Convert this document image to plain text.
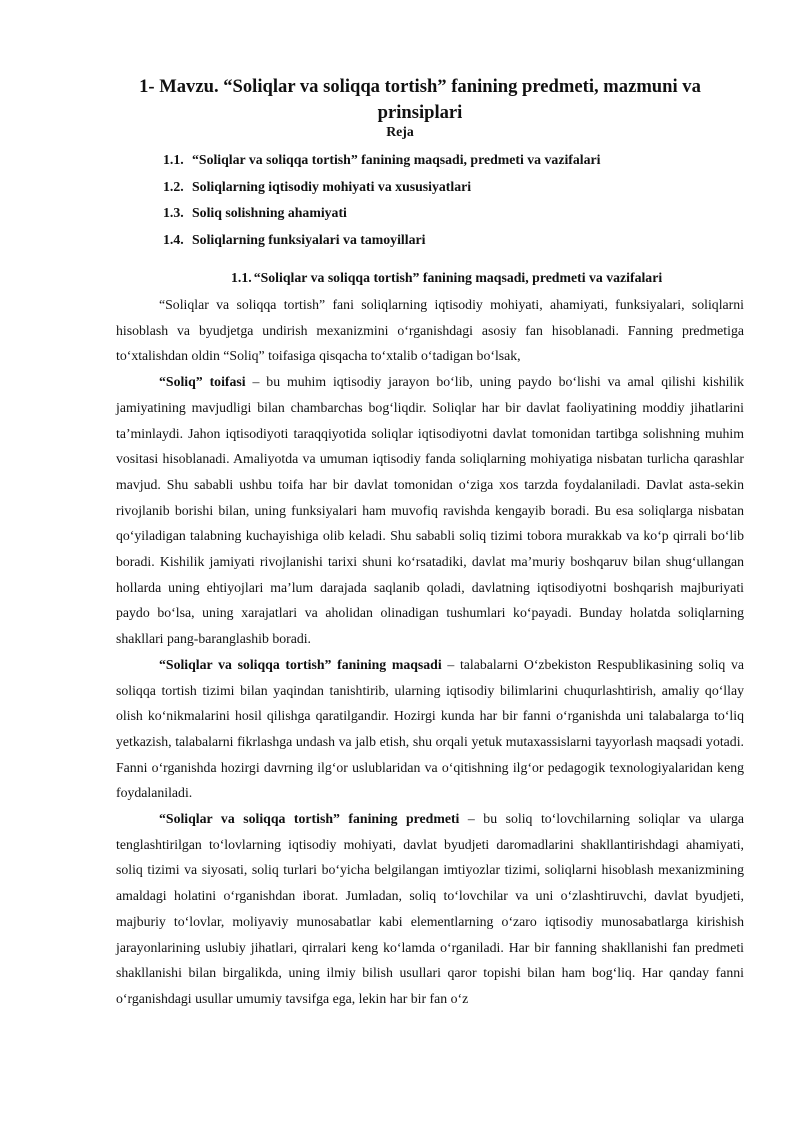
1- Mavzu. “Soliqlar va soliqqa tortish” fanining predmeti, mazmuni va prinsiplari
Reja
1.1. “Soliqlar va soliqqa tortish” fanining maqsadi, predmeti va vazifalari
1.2. Soliqlarning iqtisodiy mohiyati va xususiyatlari
1.3. Soliq solishning ahamiyati
1.4. Soliqlarning funksiyalari va tamoyillari
1.1. “Soliqlar va soliqqa tortish” fanining maqsadi, predmeti va vazifalari

“Soliqlar va soliqqa tortish” fani soliqlarning iqtisodiy mohiyati, ahamiyati, funksiyalari, soliqlarni hisoblash va byudjetga undirish mexanizmini o‘rganishdagi asosiy fan hisoblanadi. Fanning predmetiga to‘xtalishdan oldin “Soliq” toifasiga qisqacha to‘xtalib o‘tadigan bo‘lsak,

“Soliq” toifasi – bu muhim iqtisodiy jarayon bo‘lib, uning paydo bo‘lishi va amal qilishi kishilik jamiyatining mavjudligi bilan chambarchas bog‘liqdir. Soliqlar har bir davlat faoliyatining moddiy jihatlarini ta’minlaydi. Jahon iqtisodiyoti taraqqiyotida soliqlar iqtisodiyotni davlat tomonidan tartibga solishning muhim vositasi hisoblanadi. Amaliyotda va umuman iqtisodiy fanda soliqlarning mohiyatiga nisbatan turlicha qarashlar mavjud. Shu sababli ushbu toifa har bir davlat tomonidan o‘ziga xos tarzda foydalaniladi. Davlat asta-sekin rivojlanib borishi bilan, uning funksiyalari ham muvofiq ravishda kengayib boradi. Bu esa soliqlarga nisbatan qo‘yiladigan talabning kuchayishiga olib keladi. Shu sababli soliq tizimi tobora murakkab va ko‘p qirrali bo‘lib boradi. Kishilik jamiyati rivojlanishi tarixi shuni ko‘rsatadiki, davlat ma’muriy boshqaruv bilan shug‘ullangan hollarda uning ehtiyojlari ma’lum darajada saqlanib qoladi, davlatning iqtisodiyotni boshqarish majburiyati paydo bo‘lsa, uning xarajatlari va aholidan olinadigan tushumlari ko‘payadi. Bunday holatda soliqlarning shakllari pang-baranglashib boradi.

“Soliqlar va soliqqa tortish” fanining maqsadi – talabalarni O‘zbekiston Respublikasining soliq va soliqqa tortish tizimi bilan yaqindan tanishtirib, ularning iqtisodiy bilimlarini chuqurlashtirish, amaliy qo‘llay olish ko‘nikmalarini hosil qilishga qaratilgandir. Hozirgi kunda har bir fanni o‘rganishda uni talabalarga to‘liq yetkazish, talabalarni fikrlashga undash va jalb etish, shu orqali yetuk mutaxassislarni tayyorlash maqsadi yotadi. Fanni o‘rganishda hozirgi davrning ilg‘or uslublaridan va o‘qitishning ilg‘or pedagogik texnologiyalaridan keng foydalaniladi.

“Soliqlar va soliqqa tortish” fanining predmeti – bu soliq to‘lovchilarning soliqlar va ularga tenglashtirilgan to‘lovlarning iqtisodiy mohiyati, davlat byudjeti daromadlarini shakllantirishdagi ahamiyati, soliq tizimi va siyosati, soliq turlari bo‘yicha belgilangan imtiyozlar tizimi, soliqlarni hisoblash mexanizmining amaldagi holatini o‘rganishdan iborat. Jumladan, soliq to‘lovchilar va uni o‘zlashtiruvchi, davlat byudjeti, majburiy to‘lovlar, moliyaviy munosabatlar kabi elementlarning o‘zaro iqtisodiy munosabatlarga kirishish jarayonlarining uslubiy jihatlari, qirralari keng ko‘lamda o‘rganiladi. Har bir fanning shakllanishi fan predmeti shakllanishi bilan birgalikda, uning ilmiy bilish usullari qaror topishi bilan ham bog‘liq. Har qanday fanni o‘rganishdagi usullar umumiy tavsifga ega, lekin har bir fan o‘z
